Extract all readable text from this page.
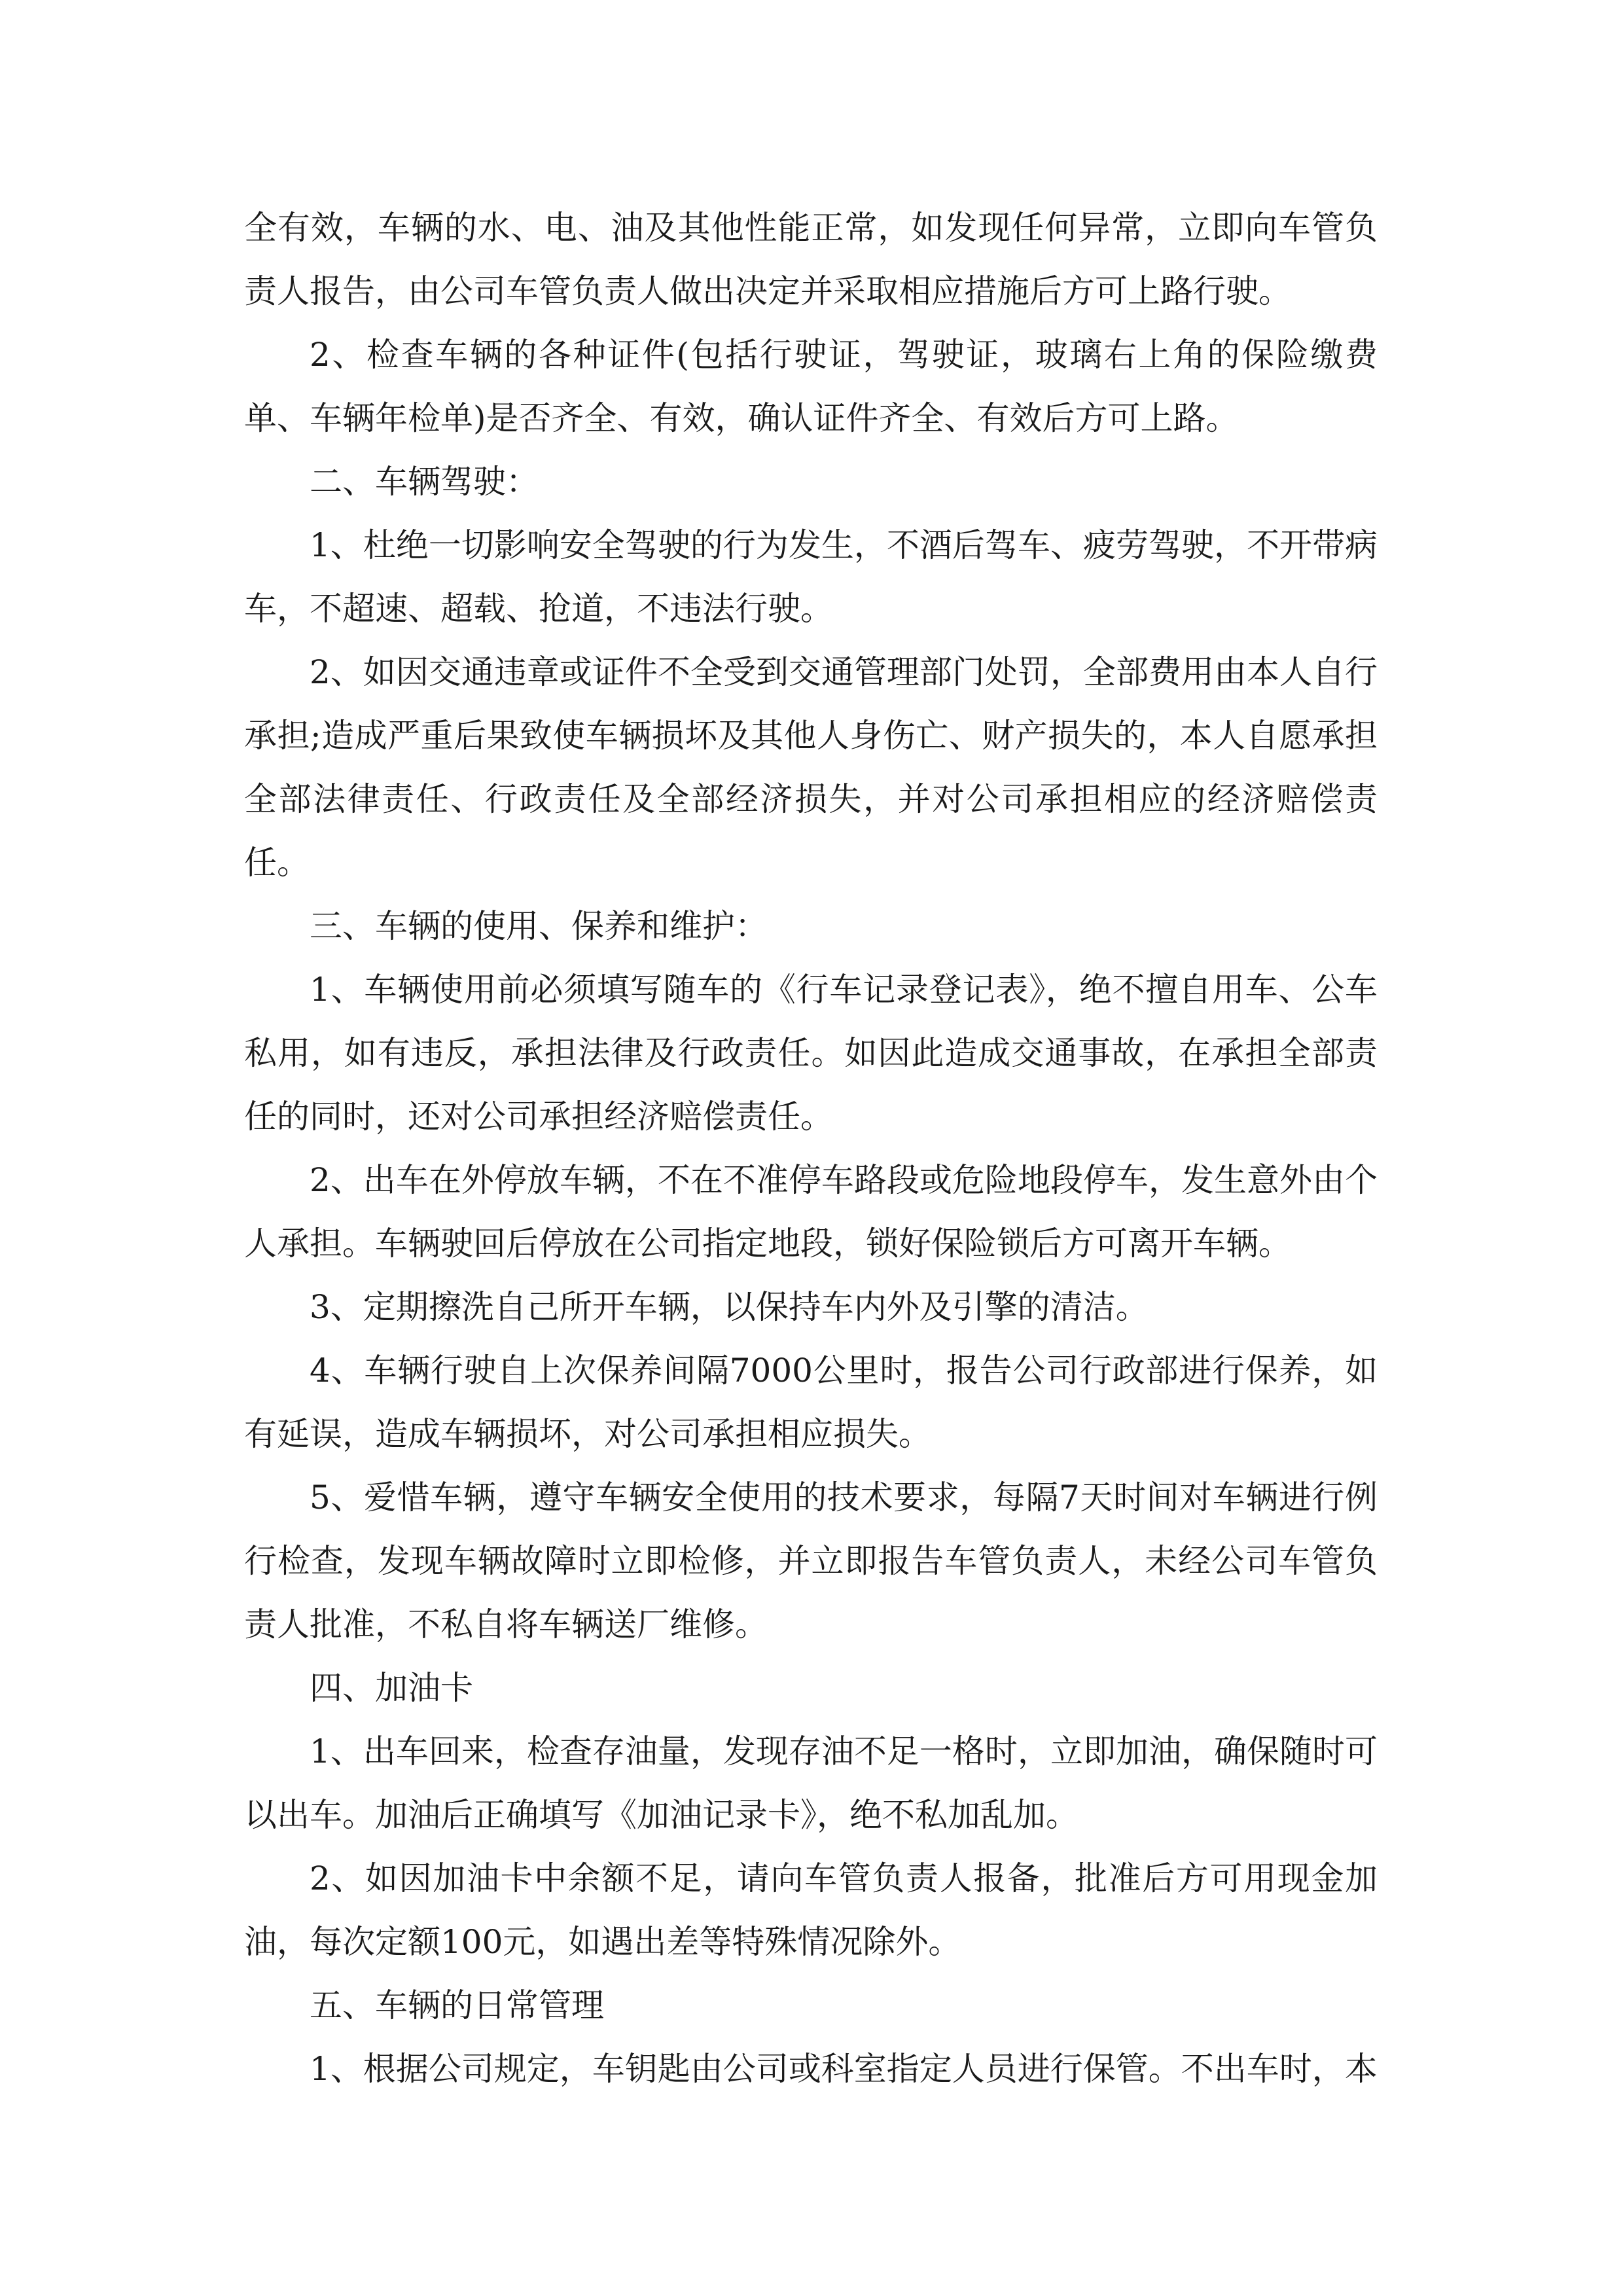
全有效，车辆的水、电、油及其他性能正常，如发现任何异常，立即向车管负责人报告，由公司车管负责人做出决定并采取相应措施后方可上路行驶。

2、检查车辆的各种证件(包括行驶证，驾驶证，玻璃右上角的保险缴费单、车辆年检单)是否齐全、有效，确认证件齐全、有效后方可上路。

二、车辆驾驶：

1、杜绝一切影响安全驾驶的行为发生，不酒后驾车、疲劳驾驶，不开带病车，不超速、超载、抢道，不违法行驶。

2、如因交通违章或证件不全受到交通管理部门处罚，全部费用由本人自行承担;造成严重后果致使车辆损坏及其他人身伤亡、财产损失的，本人自愿承担全部法律责任、行政责任及全部经济损失，并对公司承担相应的经济赔偿责任。

三、车辆的使用、保养和维护：

1、车辆使用前必须填写随车的《行车记录登记表》，绝不擅自用车、公车私用，如有违反，承担法律及行政责任。如因此造成交通事故，在承担全部责任的同时，还对公司承担经济赔偿责任。

2、出车在外停放车辆，不在不准停车路段或危险地段停车，发生意外由个人承担。车辆驶回后停放在公司指定地段，锁好保险锁后方可离开车辆。

3、定期擦洗自己所开车辆，以保持车内外及引擎的清洁。

4、车辆行驶自上次保养间隔7000公里时，报告公司行政部进行保养，如有延误，造成车辆损坏，对公司承担相应损失。

5、爱惜车辆，遵守车辆安全使用的技术要求，每隔7天时间对车辆进行例行检查，发现车辆故障时立即检修，并立即报告车管负责人，未经公司车管负责人批准，不私自将车辆送厂维修。

四、加油卡

1、出车回来，检查存油量，发现存油不足一格时，立即加油，确保随时可以出车。加油后正确填写《加油记录卡》，绝不私加乱加。

2、如因加油卡中余额不足，请向车管负责人报备，批准后方可用现金加油，每次定额100元，如遇出差等特殊情况除外。

五、车辆的日常管理

1、根据公司规定，车钥匙由公司或科室指定人员进行保管。不出车时，本
